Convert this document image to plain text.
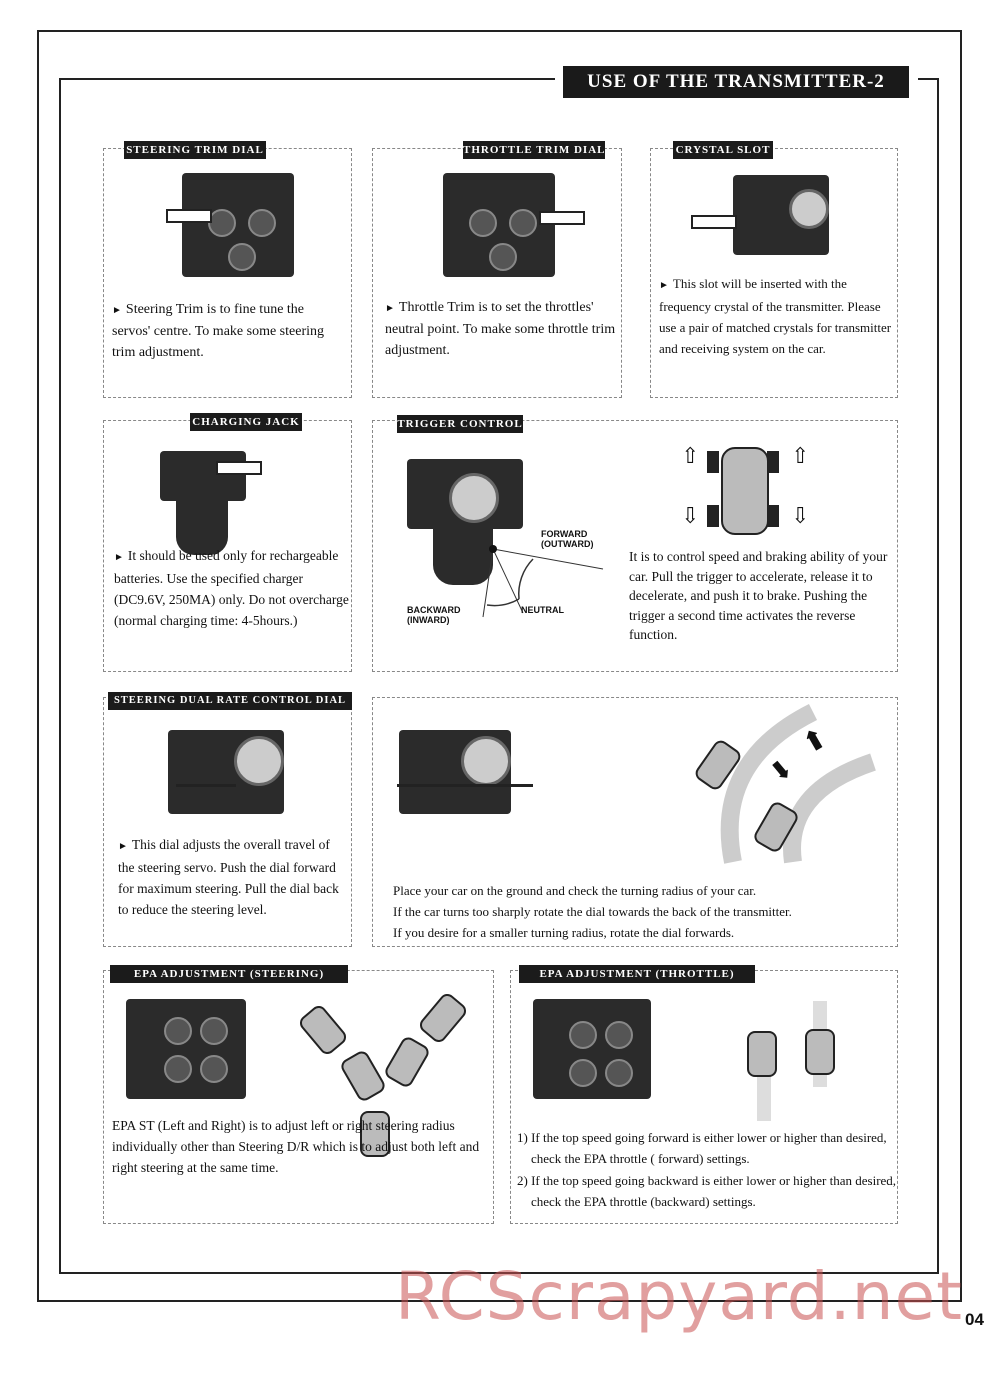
USE OF THE TRANSMITTER-2
STEERING TRIM DIAL
► Steering Trim is to fine tune the servos' centre. To make some steering trim adjustment.
THROTTLE TRIM DIAL
► Throttle Trim is to set the throttles' neutral point. To make some throttle trim adjustment.
CRYSTAL SLOT
► This slot will be inserted with the frequency crystal of the transmitter. Please use a pair of matched crystals for transmitter and receiving system on the car.
CHARGING JACK
► It should be used only for rechargeable batteries. Use the specified charger (DC9.6V, 250MA) only. Do not overcharge (normal charging time: 4-5hours.)
TRIGGER CONTROL
FORWARD (OUTWARD)
NEUTRAL
BACKWARD (INWARD)
⇧	⇧
⇩	⇩
It is to control speed and braking ability of your car. Pull the trigger to accelerate, release it to decelerate, and push it to brake. Pushing the trigger a second time activates the reverse function.
STEERING DUAL RATE CONTROL DIAL
► This dial adjusts the overall travel of the steering servo. Push the dial forward for maximum steering. Pull the dial back to reduce the steering level.
⬆
⬆
Place your car on the ground and check the turning radius of your car.
If the car turns too sharply rotate the dial towards the back of the transmitter.
If you desire for a smaller turning radius, rotate the dial forwards.
EPA ADJUSTMENT (STEERING)
EPA ST (Left and Right) is to adjust left or right steering radius individually other than Steering D/R which is to adjust both left and right steering at the same time.
EPA ADJUSTMENT (THROTTLE)
1) If the top speed going forward is either lower or higher than desired, check the EPA throttle ( forward) settings.
2) If the top speed going backward is either lower or higher than desired, check the EPA throttle (backward) settings.
RCScrapyard.net 04
